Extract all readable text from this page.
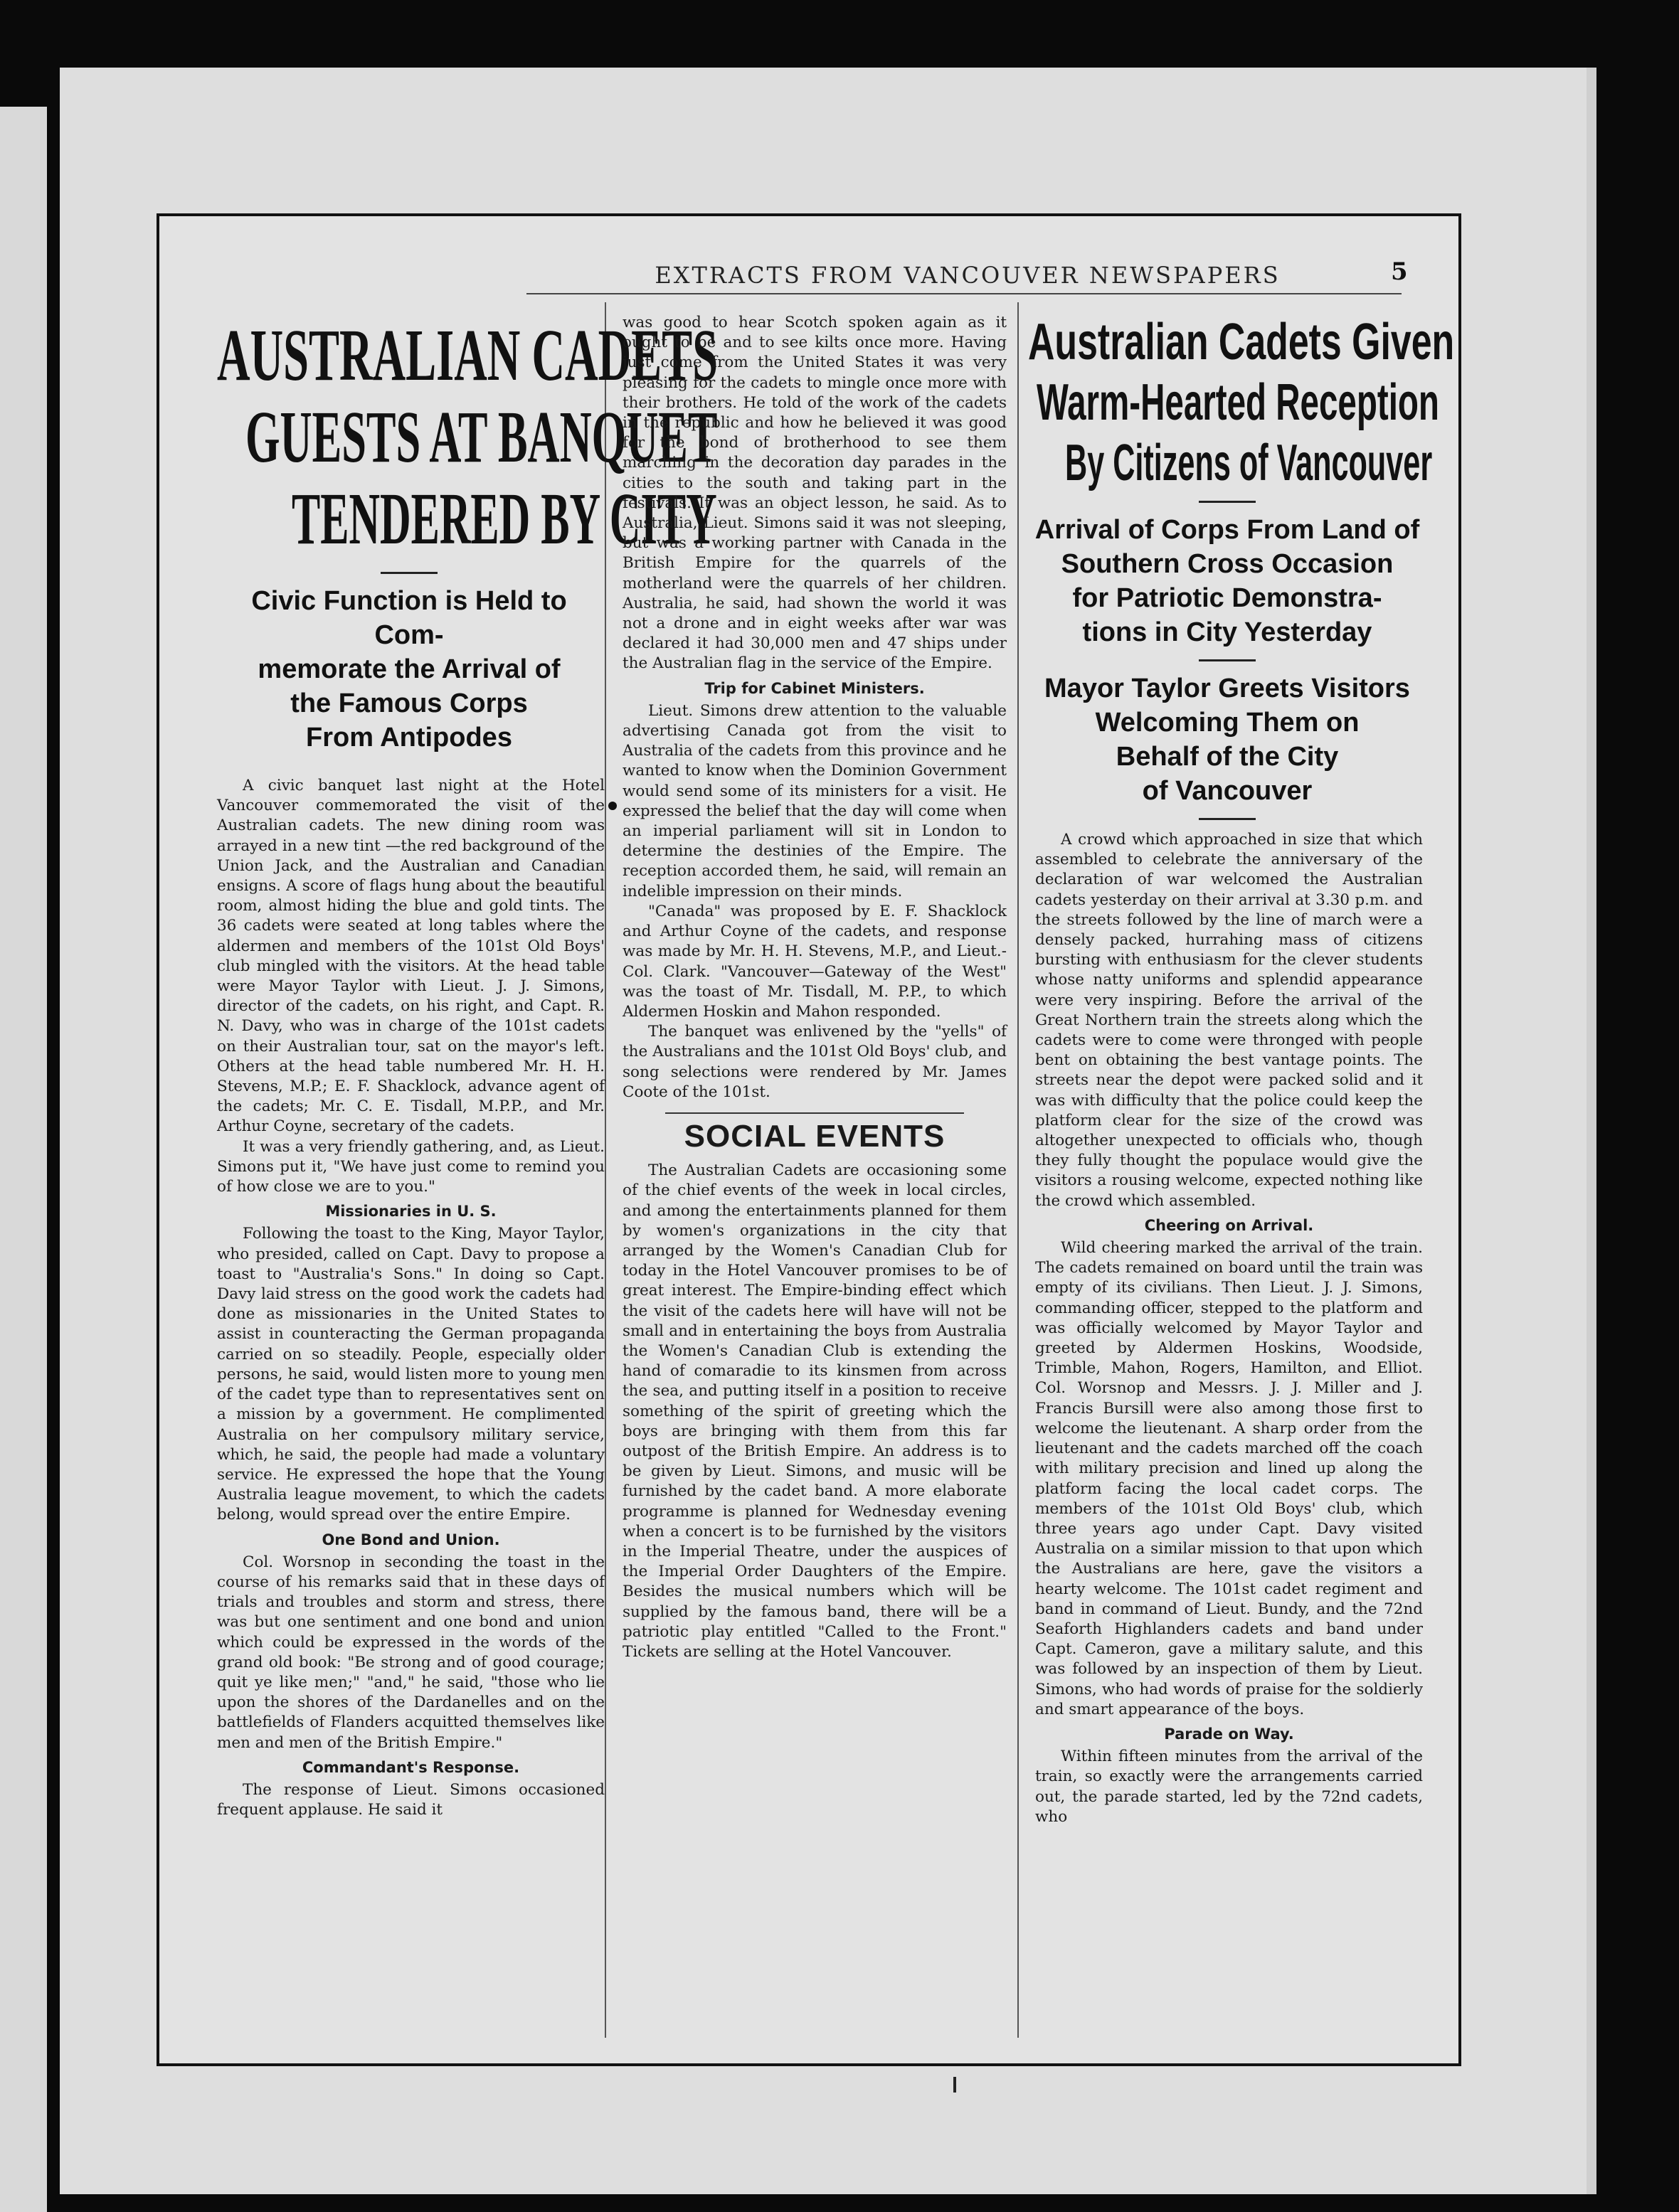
EXTRACTS FROM VANCOUVER NEWSPAPERS	5
AUSTRALIAN CADETS
GUESTS AT BANQUET
TENDERED BY CITY

Civic Function is Held to Com-

memorate the Arrival of

the Famous Corps

From Antipodes

A civic banquet last night at the Hotel Vancouver commemorated the visit of the Australian cadets. The new dining room was arrayed in a new tint —the red background of the Union Jack, and the Australian and Canadian ensigns. A score of flags hung about the beautiful room, almost hiding the blue and gold tints. The 36 cadets were seated at long tables where the aldermen and members of the 101st Old Boys' club mingled with the visitors. At the head table were Mayor Taylor with Lieut. J. J. Simons, director of the cadets, on his right, and Capt. R. N. Davy, who was in charge of the 101st cadets on their Australian tour, sat on the mayor's left. Others at the head table numbered Mr. H. H. Stevens, M.P.; E. F. Shacklock, advance agent of the cadets; Mr. C. E. Tisdall, M.P.P., and Mr. Arthur Coyne, secretary of the cadets.

It was a very friendly gathering, and, as Lieut. Simons put it, "We have just come to remind you of how close we are to you."

Missionaries in U. S.

Following the toast to the King, Mayor Taylor, who presided, called on Capt. Davy to propose a toast to "Australia's Sons." In doing so Capt. Davy laid stress on the good work the cadets had done as missionaries in the United States to assist in counteracting the German propaganda carried on so steadily. People, especially older persons, he said, would listen more to young men of the cadet type than to representatives sent on a mission by a government. He complimented Australia on her compulsory military service, which, he said, the people had made a voluntary service. He expressed the hope that the Young Australia league movement, to which the cadets belong, would spread over the entire Empire.

One Bond and Union.

Col. Worsnop in seconding the toast in the course of his remarks said that in these days of trials and troubles and storm and stress, there was but one sentiment and one bond and union which could be expressed in the words of the grand old book: "Be strong and of good courage; quit ye like men;" "and," he said, "those who lie upon the shores of the Dardanelles and on the battlefields of Flanders acquitted themselves like men and men of the British Empire."

Commandant's Response.

The response of Lieut. Simons occasioned frequent applause. He said it

was good to hear Scotch spoken again as it ought to be and to see kilts once more. Having just come from the United States it was very pleasing for the cadets to mingle once more with their brothers. He told of the work of the cadets in the republic and how he believed it was good for the bond of brotherhood to see them marching in the decoration day parades in the cities to the south and taking part in the festivals. It was an object lesson, he said. As to Australia, Lieut. Simons said it was not sleeping, but was a working partner with Canada in the British Empire for the quarrels of the motherland were the quarrels of her children. Australia, he said, had shown the world it was not a drone and in eight weeks after war was declared it had 30,000 men and 47 ships under the Australian flag in the service of the Empire.

Trip for Cabinet Ministers.

Lieut. Simons drew attention to the valuable advertising Canada got from the visit to Australia of the cadets from this province and he wanted to know when the Dominion Government would send some of its ministers for a visit. He expressed the belief that the day will come when an imperial parliament will sit in London to determine the destinies of the Empire. The reception accorded them, he said, will remain an indelible impression on their minds.

"Canada" was proposed by E. F. Shacklock and Arthur Coyne of the cadets, and response was made by Mr. H. H. Stevens, M.P., and Lieut.-Col. Clark. "Vancouver—Gateway of the West" was the toast of Mr. Tisdall, M. P.P., to which Aldermen Hoskin and Mahon responded.

The banquet was enlivened by the "yells" of the Australians and the 101st Old Boys' club, and song selections were rendered by Mr. James Coote of the 101st.

SOCIAL EVENTS

The Australian Cadets are occasioning some of the chief events of the week in local circles, and among the entertainments planned for them by women's organizations in the city that arranged by the Women's Canadian Club for today in the Hotel Vancouver promises to be of great interest. The Empire-binding effect which the visit of the cadets here will have will not be small and in entertaining the boys from Australia the Women's Canadian Club is extending the hand of comaradie to its kinsmen from across the sea, and putting itself in a position to receive something of the spirit of greeting which the boys are bringing with them from this far outpost of the British Empire. An address is to be given by Lieut. Simons, and music will be furnished by the cadet band. A more elaborate programme is planned for Wednesday evening when a concert is to be furnished by the visitors in the Imperial Theatre, under the auspices of the Imperial Order Daughters of the Empire. Besides the musical numbers which will be supplied by the famous band, there will be a patriotic play entitled "Called to the Front." Tickets are selling at the Hotel Vancouver.

Australian Cadets Given
Warm-Hearted Reception
By Citizens of Vancouver

Arrival of Corps From Land of

Southern Cross Occasion

for Patriotic Demonstra-

tions in City Yesterday

Mayor Taylor Greets Visitors

Welcoming Them on

Behalf of the City

of Vancouver

A crowd which approached in size that which assembled to celebrate the anniversary of the declaration of war welcomed the Australian cadets yesterday on their arrival at 3.30 p.m. and the streets followed by the line of march were a densely packed, hurrahing mass of citizens bursting with enthusiasm for the clever students whose natty uniforms and splendid appearance were very inspiring. Before the arrival of the Great Northern train the streets along which the cadets were to come were thronged with people bent on obtaining the best vantage points. The streets near the depot were packed solid and it was with difficulty that the police could keep the platform clear for the size of the crowd was altogether unexpected to officials who, though they fully thought the populace would give the visitors a rousing welcome, expected nothing like the crowd which assembled.

Cheering on Arrival.

Wild cheering marked the arrival of the train. The cadets remained on board until the train was empty of its civilians. Then Lieut. J. J. Simons, commanding officer, stepped to the platform and was officially welcomed by Mayor Taylor and greeted by Aldermen Hoskins, Woodside, Trimble, Mahon, Rogers, Hamilton, and Elliot. Col. Worsnop and Messrs. J. J. Miller and J. Francis Bursill were also among those first to welcome the lieutenant. A sharp order from the lieutenant and the cadets marched off the coach with military precision and lined up along the platform facing the local cadet corps. The members of the 101st Old Boys' club, which three years ago under Capt. Davy visited Australia on a similar mission to that upon which the Australians are here, gave the visitors a hearty welcome. The 101st cadet regiment and band in command of Lieut. Bundy, and the 72nd Seaforth Highlanders cadets and band under Capt. Cameron, gave a military salute, and this was followed by an inspection of them by Lieut. Simons, who had words of praise for the soldierly and smart appearance of the boys.

Parade on Way.

Within fifteen minutes from the arrival of the train, so exactly were the arrangements carried out, the parade started, led by the 72nd cadets, who
